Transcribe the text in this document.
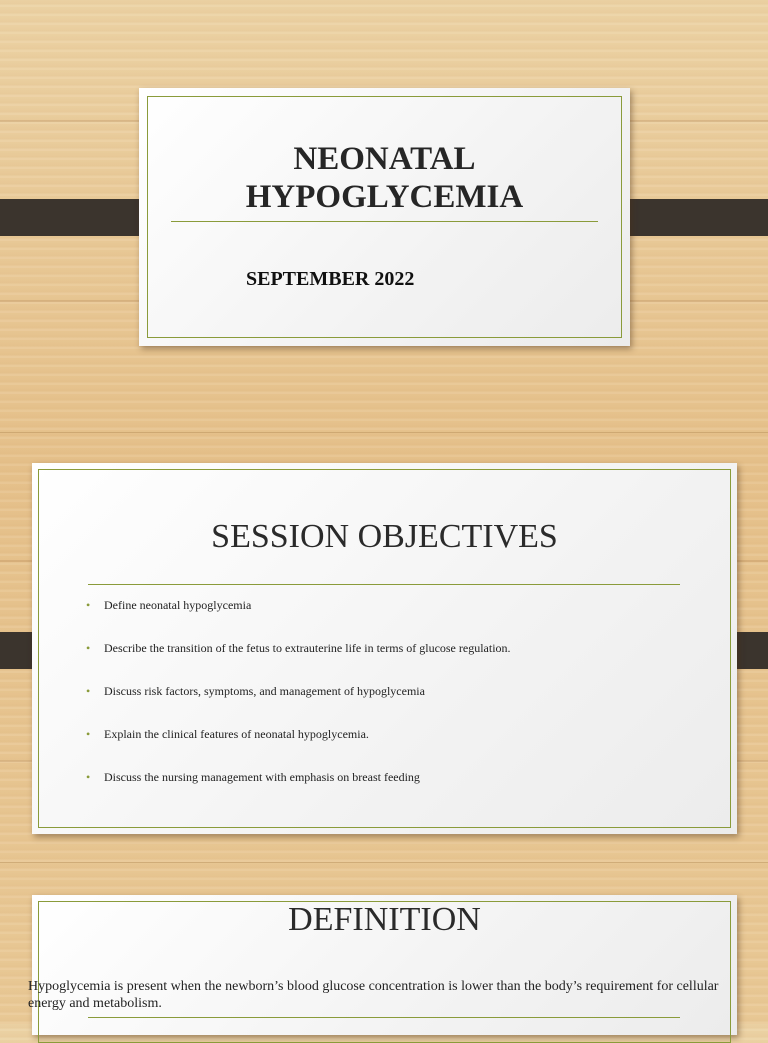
NEONATAL
HYPOGLYCEMIA
SEPTEMBER 2022
SESSION OBJECTIVES
• Define neonatal hypoglycemia
• Describe the transition of the fetus to extrauterine life in terms of glucose regulation.
• Discuss risk factors, symptoms, and management of hypoglycemia
• Explain the clinical features of neonatal hypoglycemia.
• Discuss the nursing management with emphasis on breast feeding
DEFINITION
Hypoglycemia is present when the newborn’s blood glucose concentration is lower than the body’s requirement for cellular energy and metabolism.
